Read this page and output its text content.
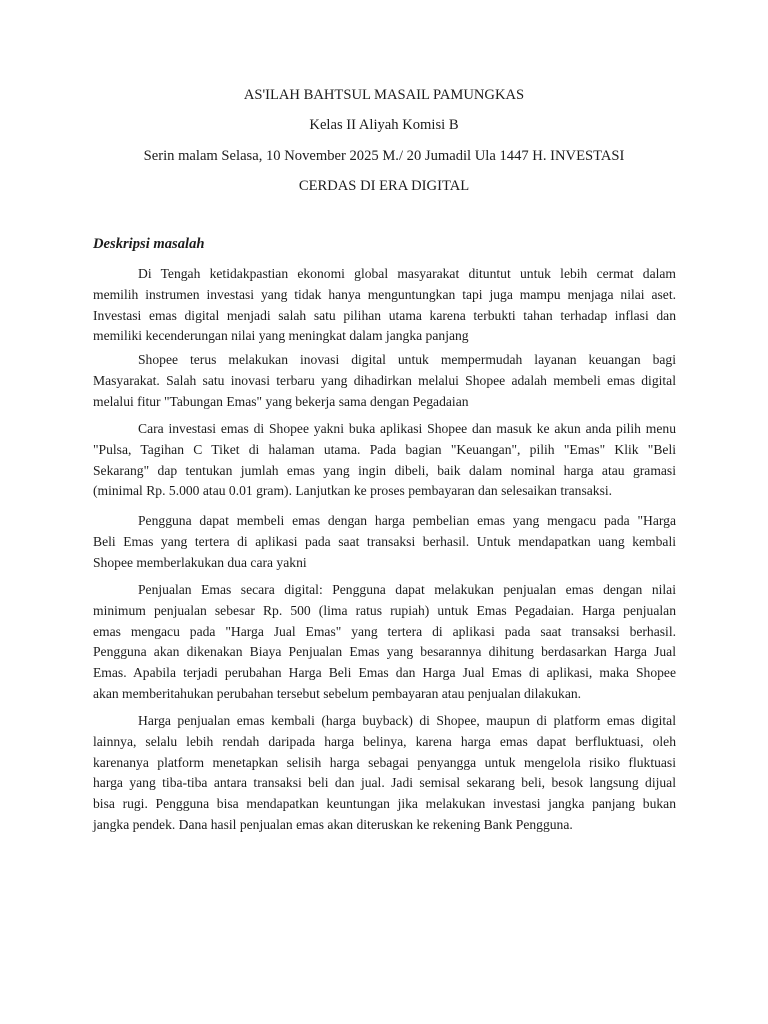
AS'ILAH BAHTSUL MASAIL PAMUNGKAS
Kelas II Aliyah Komisi B
Serin malam Selasa, 10 November 2025 M./ 20 Jumadil Ula 1447 H. INVESTASI
CERDAS DI ERA DIGITAL
Deskripsi masalah
Di Tengah ketidakpastian ekonomi global masyarakat dituntut untuk lebih cermat dalam
memilih instrumen investasi yang tidak hanya menguntungkan tapi juga mampu menjaga nilai aset.
Investasi emas digital menjadi salah satu pilihan utama karena terbukti tahan terhadap inflasi dan
memiliki kecenderungan nilai yang meningkat dalam jangka panjang
Shopee terus melakukan inovasi digital untuk mempermudah layanan keuangan bagi
Masyarakat. Salah satu inovasi terbaru yang dihadirkan melalui Shopee adalah membeli emas digital
melalui fitur "Tabungan Emas" yang bekerja sama dengan Pegadaian
Cara investasi emas di Shopee yakni buka aplikasi Shopee dan masuk ke akun anda pilih menu
"Pulsa, Tagihan C Tiket di halaman utama. Pada bagian "Keuangan", pilih "Emas" Klik "Beli
Sekarang" dap tentukan jumlah emas yang ingin dibeli, baik dalam nominal harga atau gramasi
(minimal Rp. 5.000 atau 0.01 gram). Lanjutkan ke proses pembayaran dan selesaikan transaksi.
Pengguna dapat membeli emas dengan harga pembelian emas yang mengacu pada "Harga
Beli Emas yang tertera di aplikasi pada saat transaksi berhasil. Untuk mendapatkan uang kembali
Shopee memberlakukan dua cara yakni
Penjualan Emas secara digital: Pengguna dapat melakukan penjualan emas dengan nilai
minimum penjualan sebesar Rp. 500 (lima ratus rupiah) untuk Emas Pegadaian. Harga penjualan
emas mengacu pada "Harga Jual Emas" yang tertera di aplikasi pada saat transaksi berhasil.
Pengguna akan dikenakan Biaya Penjualan Emas yang besarannya dihitung berdasarkan Harga Jual
Emas. Apabila terjadi perubahan Harga Beli Emas dan Harga Jual Emas di aplikasi, maka Shopee
akan memberitahukan perubahan tersebut sebelum pembayaran atau penjualan dilakukan.
Harga penjualan emas kembali (harga buyback) di Shopee, maupun di platform emas digital
lainnya, selalu lebih rendah daripada harga belinya, karena harga emas dapat berfluktuasi, oleh
karenanya platform menetapkan selisih harga sebagai penyangga untuk mengelola risiko fluktuasi
harga yang tiba-tiba antara transaksi beli dan jual. Jadi semisal sekarang beli, besok langsung dijual
bisa rugi. Pengguna bisa mendapatkan keuntungan jika melakukan investasi jangka panjang bukan
jangka pendek. Dana hasil penjualan emas akan diteruskan ke rekening Bank Pengguna.
